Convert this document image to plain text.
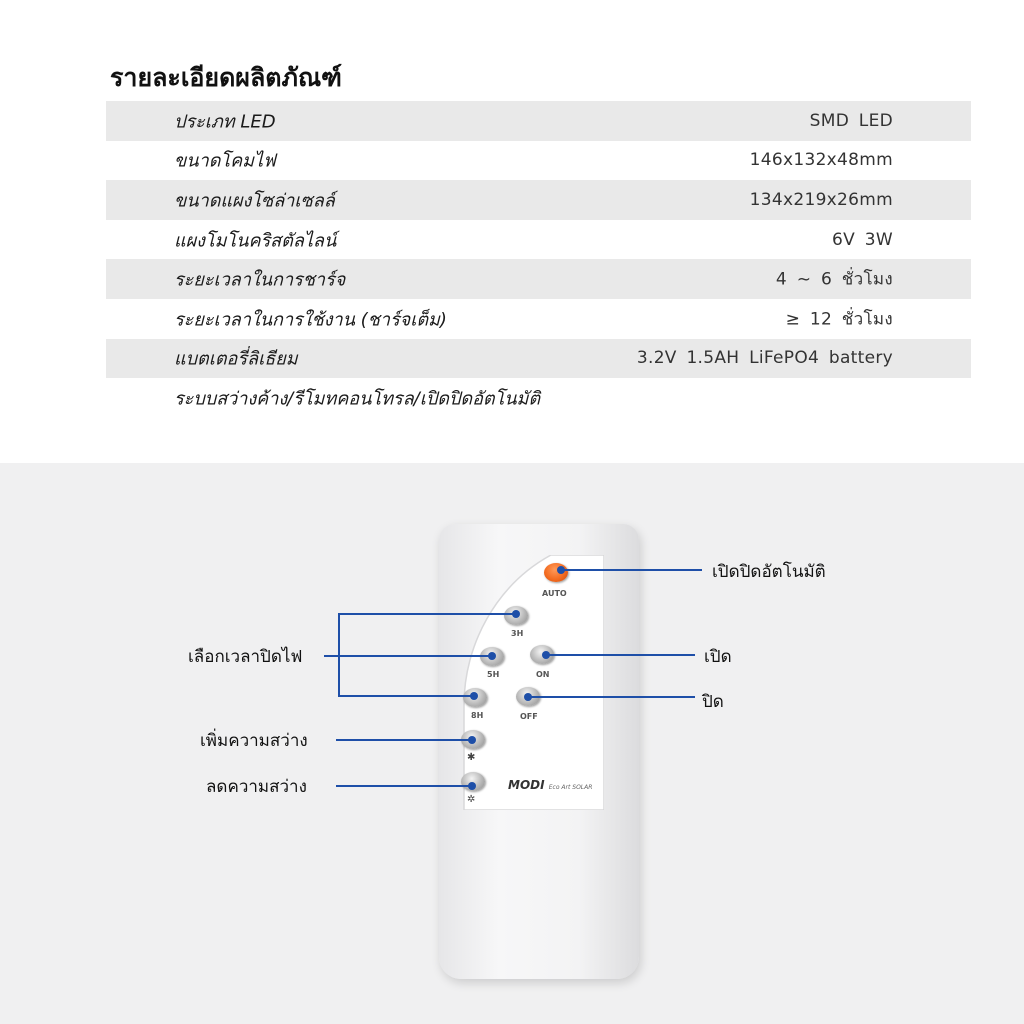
รายละเอียดผลิตภัณฑ์
ประเภท LED	SMD LED
ขนาดโคมไฟ	146x132x48mm
ขนาดแผงโซล่าเซลล์	134x219x26mm
แผงโมโนคริสตัลไลน์	6V 3W
ระยะเวลาในการชาร์จ	4 ~ 6 ชั่วโมง
ระยะเวลาในการใช้งาน (ชาร์จเต็ม)	≥ 12 ชั่วโมง
แบตเตอรี่ลิเธียม	3.2V 1.5AH LiFePO4 battery
ระบบสว่างค้าง/รีโมทคอนโทรล/เปิดปิดอัตโนมัติ
AUTO
3H
5H	ON
8H	OFF
✱
✲
MODI Eco Art SOLAR
เปิดปิดอัตโนมัติ
เลือกเวลาปิดไฟ	เปิด
ปิด
เพิ่มความสว่าง
ลดความสว่าง
